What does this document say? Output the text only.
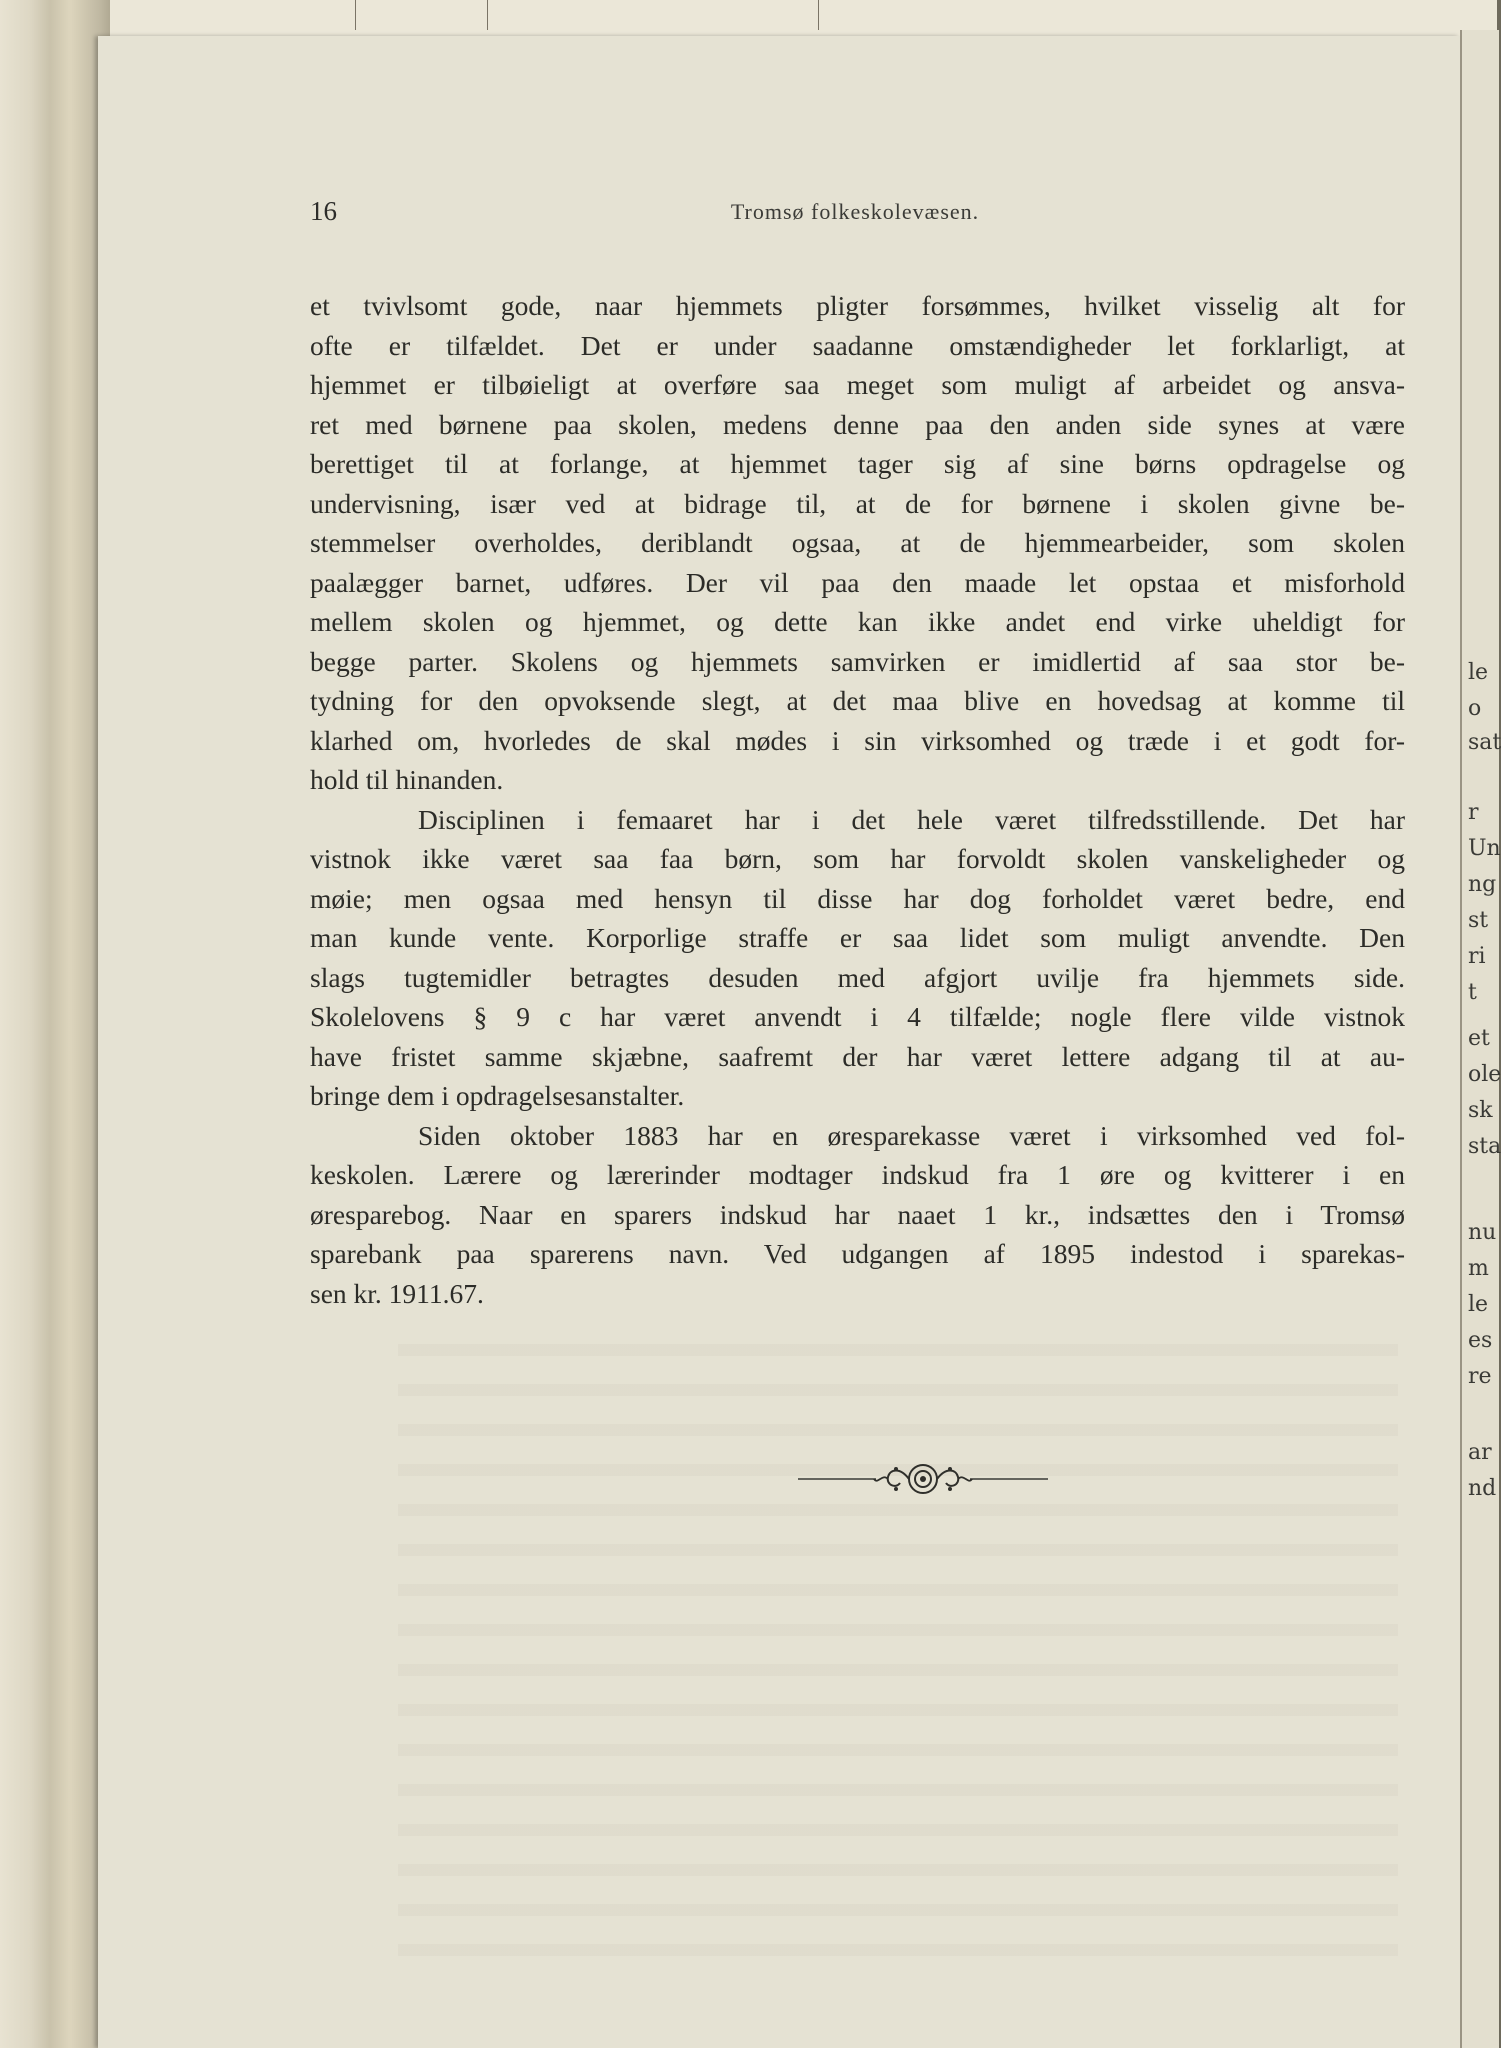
16	Tromsø folkeskolevæsen.
et tvivlsomt gode, naar hjemmets pligter forsømmes, hvilket visselig alt for
ofte er tilfældet. Det er under saadanne omstændigheder let forklarligt, at
hjemmet er tilbøieligt at overføre saa meget som muligt af arbeidet og ansva-
ret med børnene paa skolen, medens denne paa den anden side synes at være
berettiget til at forlange, at hjemmet tager sig af sine børns opdragelse og
undervisning, især ved at bidrage til, at de for børnene i skolen givne be-
stemmelser overholdes, deriblandt ogsaa, at de hjemmearbeider, som skolen
paalægger barnet, udføres. Der vil paa den maade let opstaa et misforhold
mellem skolen og hjemmet, og dette kan ikke andet end virke uheldigt for
begge parter. Skolens og hjemmets samvirken er imidlertid af saa stor be-
tydning for den opvoksende slegt, at det maa blive en hovedsag at komme til
klarhed om, hvorledes de skal mødes i sin virksomhed og træde i et godt for-
hold til hinanden.
Disciplinen i femaaret har i det hele været tilfredsstillende. Det har
vistnok ikke været saa faa børn, som har forvoldt skolen vanskeligheder og
møie; men ogsaa med hensyn til disse har dog forholdet været bedre, end
man kunde vente. Korporlige straffe er saa lidet som muligt anvendte. Den
slags tugtemidler betragtes desuden med afgjort uvilje fra hjemmets side.
Skolelovens § 9 c har været anvendt i 4 tilfælde; nogle flere vilde vistnok
have fristet samme skjæbne, saafremt der har været lettere adgang til at au-
bringe dem i opdragelsesanstalter.
Siden oktober 1883 har en øresparekasse været i virksomhed ved fol-
keskolen. Lærere og lærerinder modtager indskud fra 1 øre og kvitterer i en
øresparebog. Naar en sparers indskud har naaet 1 kr., indsættes den i Tromsø
sparebank paa sparerens navn. Ved udgangen af 1895 indestod i sparekas-
sen kr. 1911.67.
le
o
sat
r
Un
ng
st
ri
t
et
ole
sk
sta
nu
m
le
es
re
ar
nd
